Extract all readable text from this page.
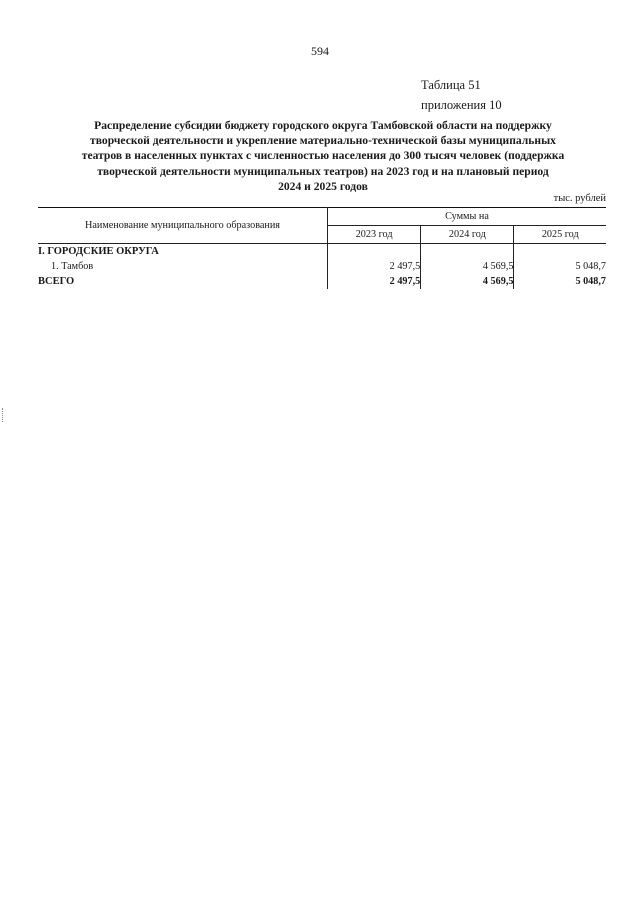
594
Таблица 51
приложения 10
Распределение субсидии бюджету городского округа Тамбовской области на поддержку
творческой деятельности и укрепление материально-технической базы муниципальных
театров в населенных пунктах с численностью населения до 300 тысяч человек (поддержка
творческой деятельности муниципальных театров) на 2023 год и на плановый период
2024 и 2025 годов
тыс. рублей
Наименование муниципального образования	Суммы на		
	2023 год	2024 год	2025 год
I. ГОРОДСКИЕ ОКРУГА			
1. Тамбов	2 497,5	4 569,5	5 048,7
ВСЕГО	2 497,5	4 569,5	5 048,7
